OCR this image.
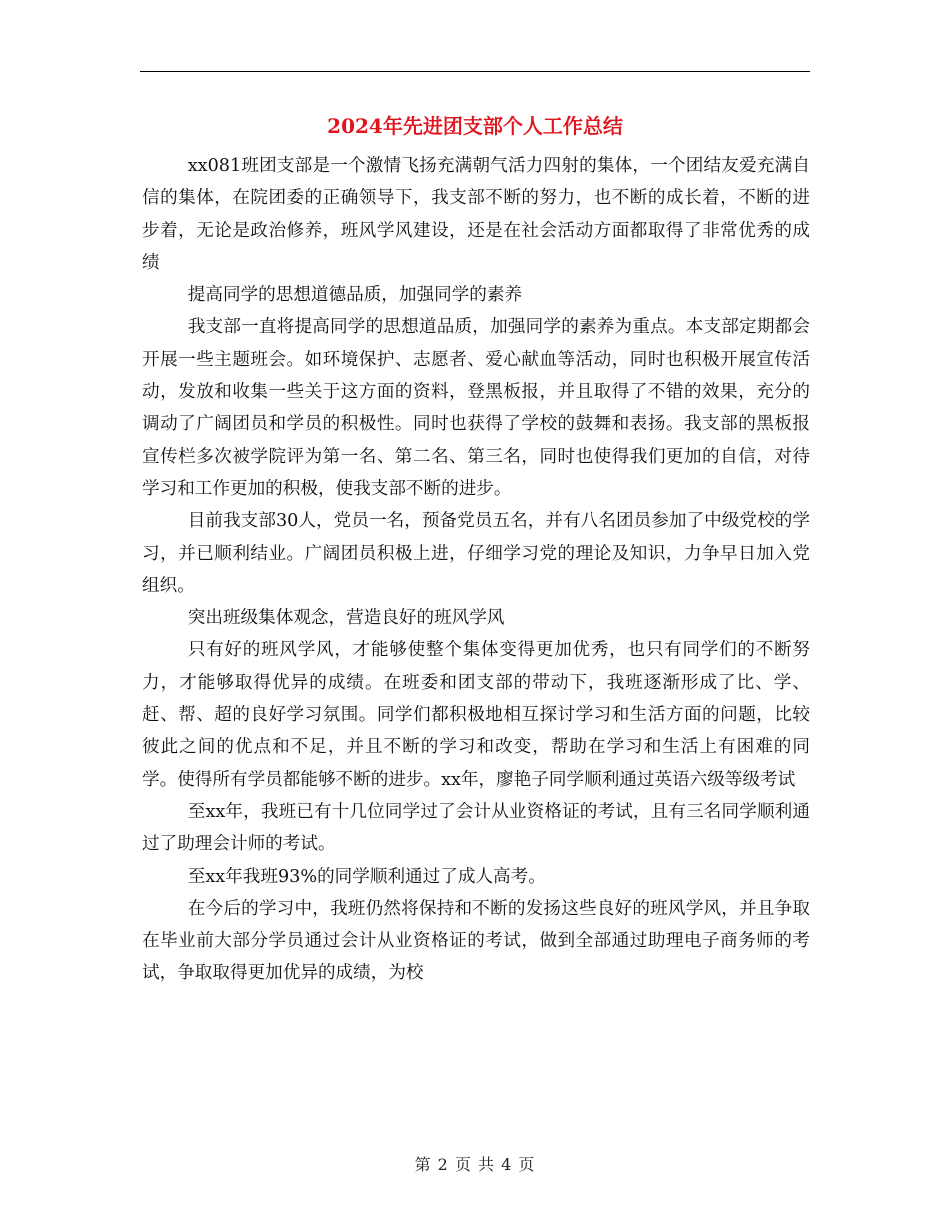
2024年先进团支部个人工作总结

xx081班团支部是一个激情飞扬充满朝气活力四射的集体，一个团结友爱充满自信的集体，在院团委的正确领导下，我支部不断的努力，也不断的成长着，不断的进步着，无论是政治修养，班风学风建设，还是在社会活动方面都取得了非常优秀的成绩

提高同学的思想道德品质，加强同学的素养

我支部一直将提高同学的思想道品质，加强同学的素养为重点。本支部定期都会开展一些主题班会。如环境保护、志愿者、爱心献血等活动，同时也积极开展宣传活动，发放和收集一些关于这方面的资料，登黑板报，并且取得了不错的效果，充分的调动了广阔团员和学员的积极性。同时也获得了学校的鼓舞和表扬。我支部的黑板报宣传栏多次被学院评为第一名、第二名、第三名，同时也使得我们更加的自信，对待学习和工作更加的积极，使我支部不断的进步。

目前我支部30人，党员一名，预备党员五名，并有八名团员参加了中级党校的学习，并已顺利结业。广阔团员积极上进，仔细学习党的理论及知识，力争早日加入党组织。

突出班级集体观念，营造良好的班风学风

只有好的班风学风，才能够使整个集体变得更加优秀，也只有同学们的不断努力，才能够取得优异的成绩。在班委和团支部的带动下，我班逐渐形成了比、学、赶、帮、超的良好学习氛围。同学们都积极地相互探讨学习和生活方面的问题，比较彼此之间的优点和不足，并且不断的学习和改变，帮助在学习和生活上有困难的同学。使得所有学员都能够不断的进步。xx年，廖艳子同学顺利通过英语六级等级考试

至xx年，我班已有十几位同学过了会计从业资格证的考试，且有三名同学顺利通过了助理会计师的考试。

至xx年我班93%的同学顺利通过了成人高考。

在今后的学习中，我班仍然将保持和不断的发扬这些良好的班风学风，并且争取在毕业前大部分学员通过会计从业资格证的考试，做到全部通过助理电子商务师的考试，争取取得更加优异的成绩，为校

第 2 页 共 4 页
